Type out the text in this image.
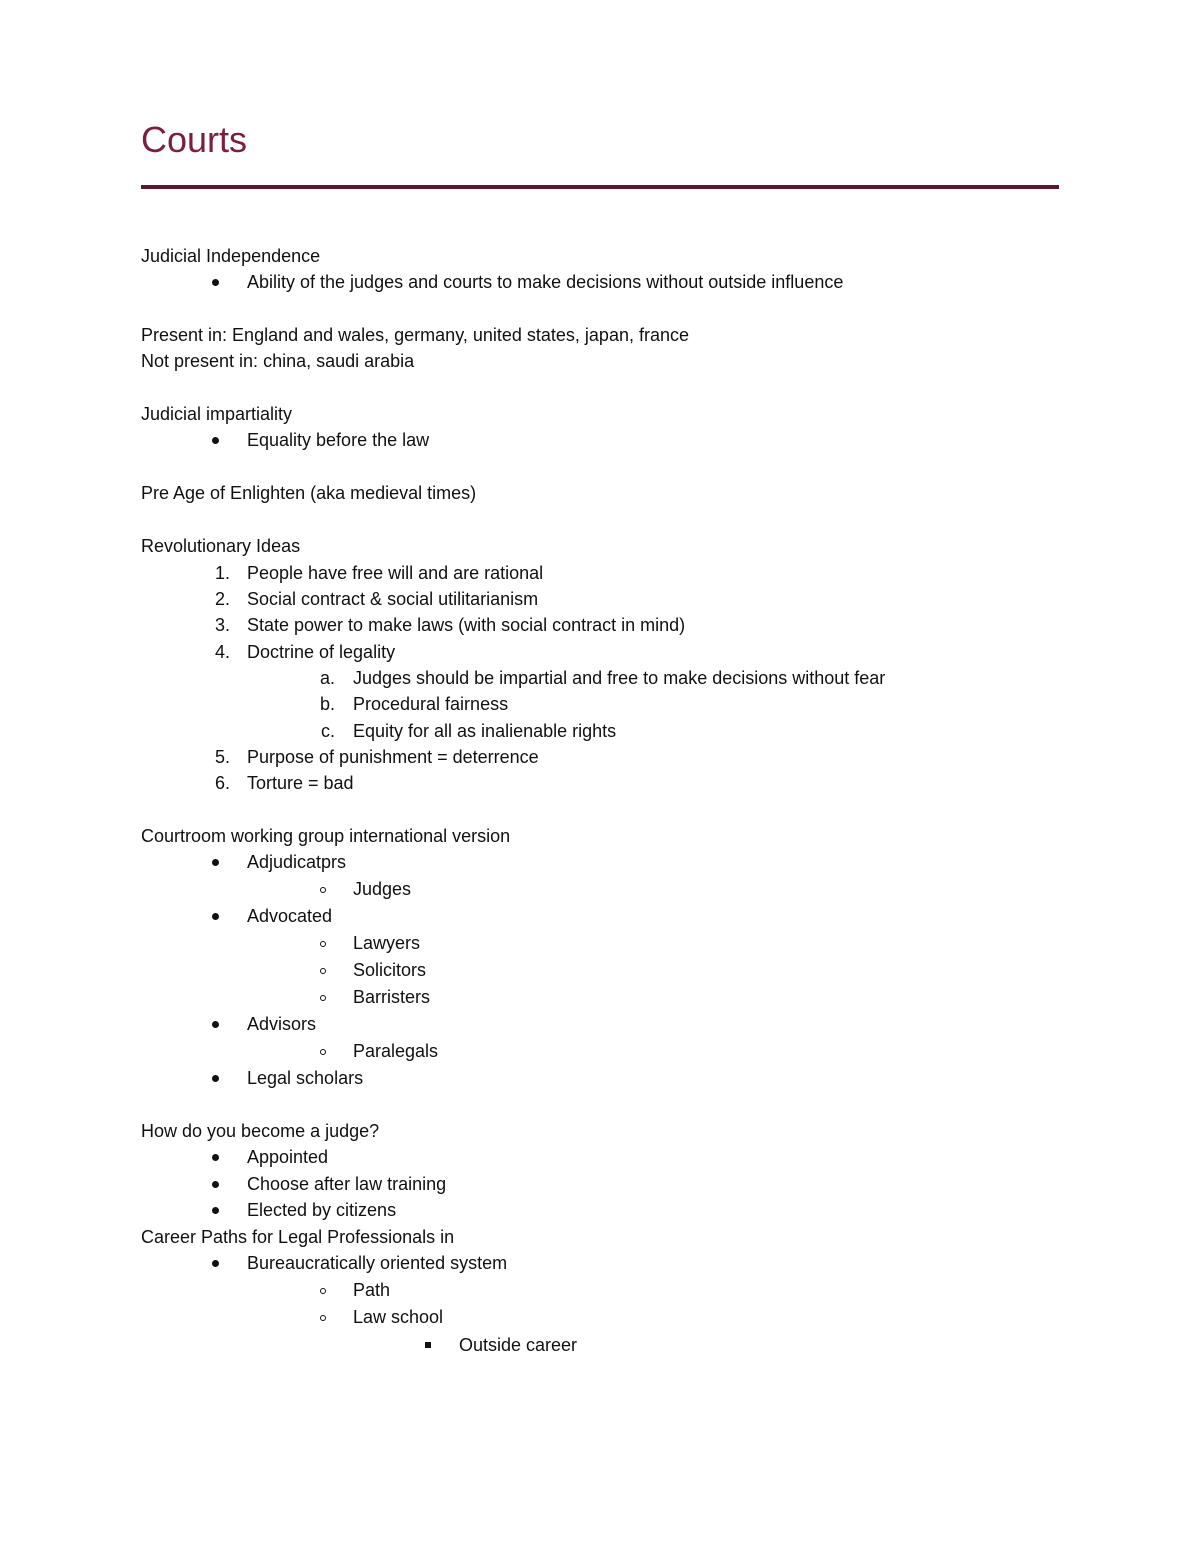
Courts
Judicial Independence
Ability of the judges and courts to make decisions without outside influence
Present in: England and wales, germany, united states, japan, france
Not present in: china, saudi arabia
Judicial impartiality
Equality before the law
Pre Age of Enlighten (aka medieval times)
Revolutionary Ideas
1. People have free will and are rational
2. Social contract & social utilitarianism
3. State power to make laws (with social contract in mind)
4. Doctrine of legality
a. Judges should be impartial and free to make decisions without fear
b. Procedural fairness
c. Equity for all as inalienable rights
5. Purpose of punishment = deterrence
6. Torture = bad
Courtroom working group international version
Adjudicatprs
Judges
Advocated
Lawyers
Solicitors
Barristers
Advisors
Paralegals
Legal scholars
How do you become a judge?
Appointed
Choose after law training
Elected by citizens
Career Paths for Legal Professionals in
Bureaucratically oriented system
Path
Law school
Outside career
